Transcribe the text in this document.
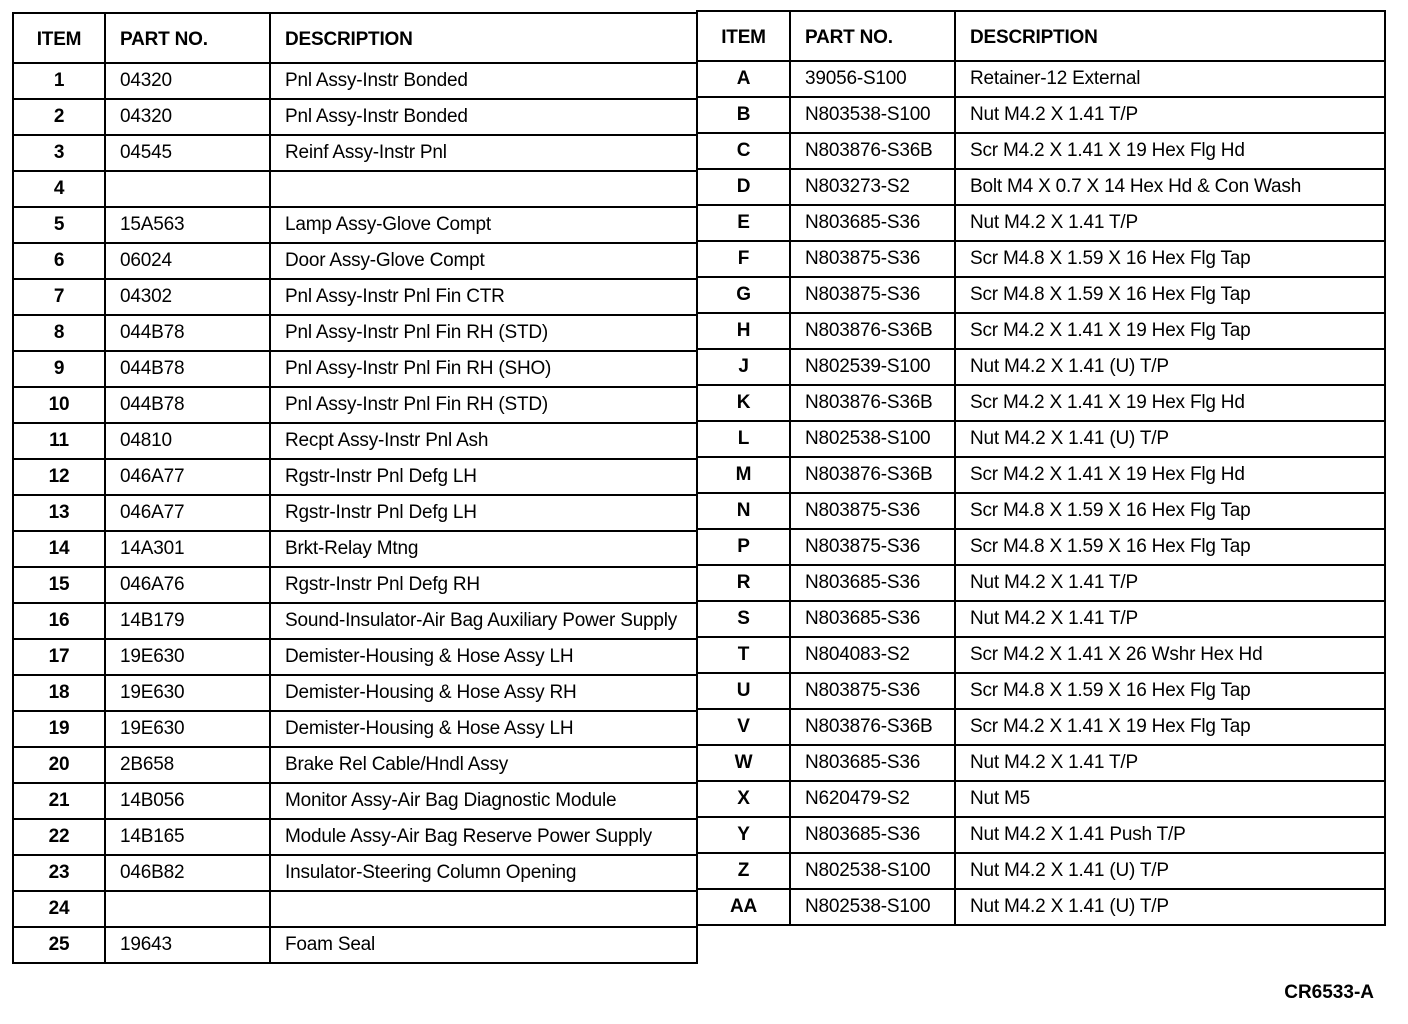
ITEM	PART NO.	DESCRIPTION
1	04320	Pnl Assy-Instr Bonded
2	04320	Pnl Assy-Instr Bonded
3	04545	Reinf Assy-Instr Pnl
4		
5	15A563	Lamp Assy-Glove Compt
6	06024	Door Assy-Glove Compt
7	04302	Pnl Assy-Instr Pnl Fin CTR
8	044B78	Pnl Assy-Instr Pnl Fin RH (STD)
9	044B78	Pnl Assy-Instr Pnl Fin RH (SHO)
10	044B78	Pnl Assy-Instr Pnl Fin RH (STD)
11	04810	Recpt Assy-Instr Pnl Ash
12	046A77	Rgstr-Instr Pnl Defg LH
13	046A77	Rgstr-Instr Pnl Defg LH
14	14A301	Brkt-Relay Mtng
15	046A76	Rgstr-Instr Pnl Defg RH
16	14B179	Sound-Insulator-Air Bag Auxiliary Power Supply
17	19E630	Demister-Housing & Hose Assy LH
18	19E630	Demister-Housing & Hose Assy RH
19	19E630	Demister-Housing & Hose Assy LH
20	2B658	Brake Rel Cable/Hndl Assy
21	14B056	Monitor Assy-Air Bag Diagnostic Module
22	14B165	Module Assy-Air Bag Reserve Power Supply
23	046B82	Insulator-Steering Column Opening
24		
25	19643	Foam Seal
ITEM	PART NO.	DESCRIPTION
A	39056-S100	Retainer-12 External
B	N803538-S100	Nut M4.2 X 1.41 T/P
C	N803876-S36B	Scr M4.2 X 1.41 X 19 Hex Flg Hd
D	N803273-S2	Bolt M4 X 0.7 X 14 Hex Hd & Con Wash
E	N803685-S36	Nut M4.2 X 1.41 T/P
F	N803875-S36	Scr M4.8 X 1.59 X 16 Hex Flg Tap
G	N803875-S36	Scr M4.8 X 1.59 X 16 Hex Flg Tap
H	N803876-S36B	Scr M4.2 X 1.41 X 19 Hex Flg Tap
J	N802539-S100	Nut M4.2 X 1.41 (U) T/P
K	N803876-S36B	Scr M4.2 X 1.41 X 19 Hex Flg Hd
L	N802538-S100	Nut M4.2 X 1.41 (U) T/P
M	N803876-S36B	Scr M4.2 X 1.41 X 19 Hex Flg Hd
N	N803875-S36	Scr M4.8 X 1.59 X 16 Hex Flg Tap
P	N803875-S36	Scr M4.8 X 1.59 X 16 Hex Flg Tap
R	N803685-S36	Nut M4.2 X 1.41 T/P
S	N803685-S36	Nut M4.2 X 1.41 T/P
T	N804083-S2	Scr M4.2 X 1.41 X 26 Wshr Hex Hd
U	N803875-S36	Scr M4.8 X 1.59 X 16 Hex Flg Tap
V	N803876-S36B	Scr M4.2 X 1.41 X 19 Hex Flg Tap
W	N803685-S36	Nut M4.2 X 1.41 T/P
X	N620479-S2	Nut M5
Y	N803685-S36	Nut M4.2 X 1.41 Push T/P
Z	N802538-S100	Nut M4.2 X 1.41 (U) T/P
AA	N802538-S100	Nut M4.2 X 1.41 (U) T/P
CR6533-A
